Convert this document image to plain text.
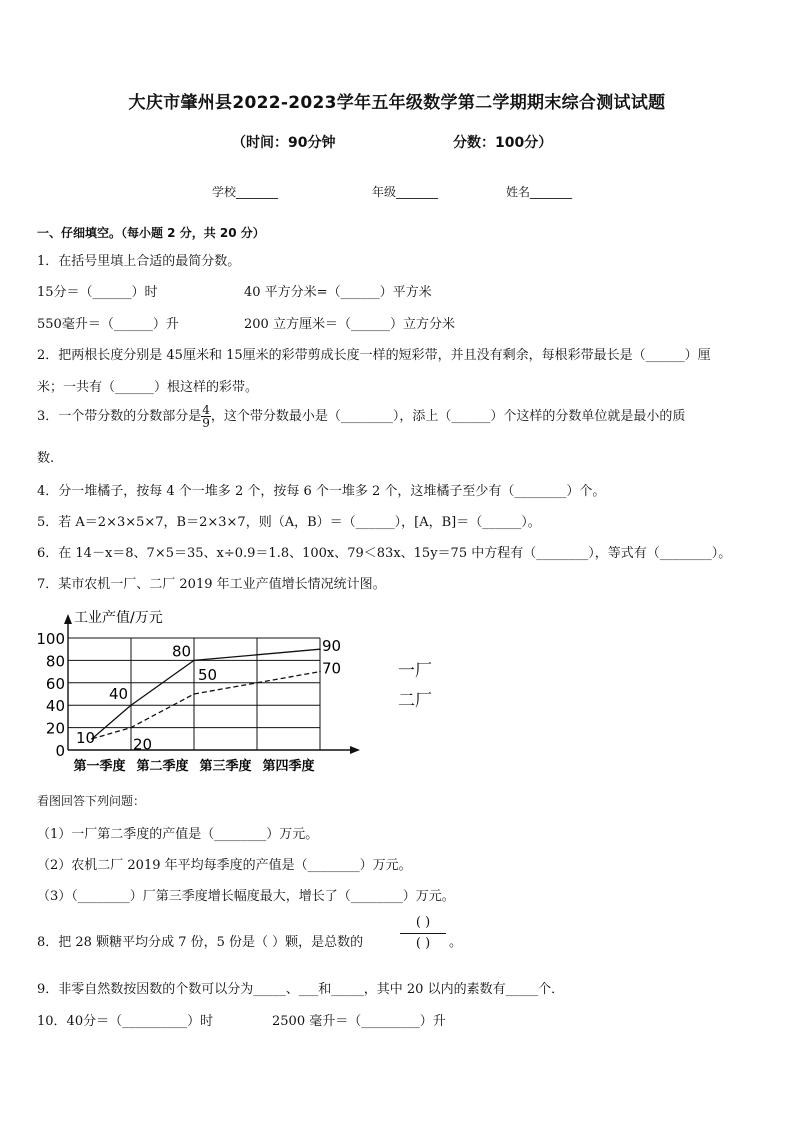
大庆市肇州县2022-2023学年五年级数学第二学期期末综合测试试题
（时间：90分钟	分数：100分）
学校_______	年级_______	姓名_______
一、仔细填空。（每小题 2 分，共 20 分）
1．在括号里填上合适的最简分数。
15分＝（______）时	40 平方分米=（______）平方米
550毫升＝（______）升	200 立方厘米＝（______）立方分米
2．把两根长度分别是 45厘米和 15厘米的彩带剪成长度一样的短彩带，并且没有剩余，每根彩带最长是（______）厘
米；一共有（______）根这样的彩带。
3．一个带分数的分数部分是 $\frac{4}{9}$ ，这个带分数最小是（________），添上（______）个这样的分数单位就是最小的质
数.
4．分一堆橘子，按每 4 个一堆多 2 个，按每 6 个一堆多 2 个，这堆橘子至少有（________）个。
5．若 A＝2×3×5×7，B＝2×3×7，则（A，B）＝（______），[A，B]＝（______）。
6．在 14－x＝8、7×5＝35、x÷0.9＝1.8、100x、79＜83x、15y＝75 中方程有（________），等式有（________）。
7．某市农机一厂、二厂 2019 年工业产值增长情况统计图。
0
20
40
60
80
100
第一季度 第二季度 第三季度 第四季度
10
40
80	90
20
50	70
工业产值/万元
一厂
二厂
看图回答下列问题：
（1）一厂第二季度的产值是（________）万元。
（2）农机二厂 2019 年平均每季度的产值是（________）万元。
（3）（________）厂第三季度增长幅度最大，增长了（________）万元。
8．把 28 颗糖平均分成 7 份，5 份是（ ）颗，是总数的
( )
( )	。
9．非零自然数按因数的个数可以分为_____、___和_____，其中 20 以内的素数有_____个．
10．40分＝（__________）时	2500 毫升＝（_________）升
